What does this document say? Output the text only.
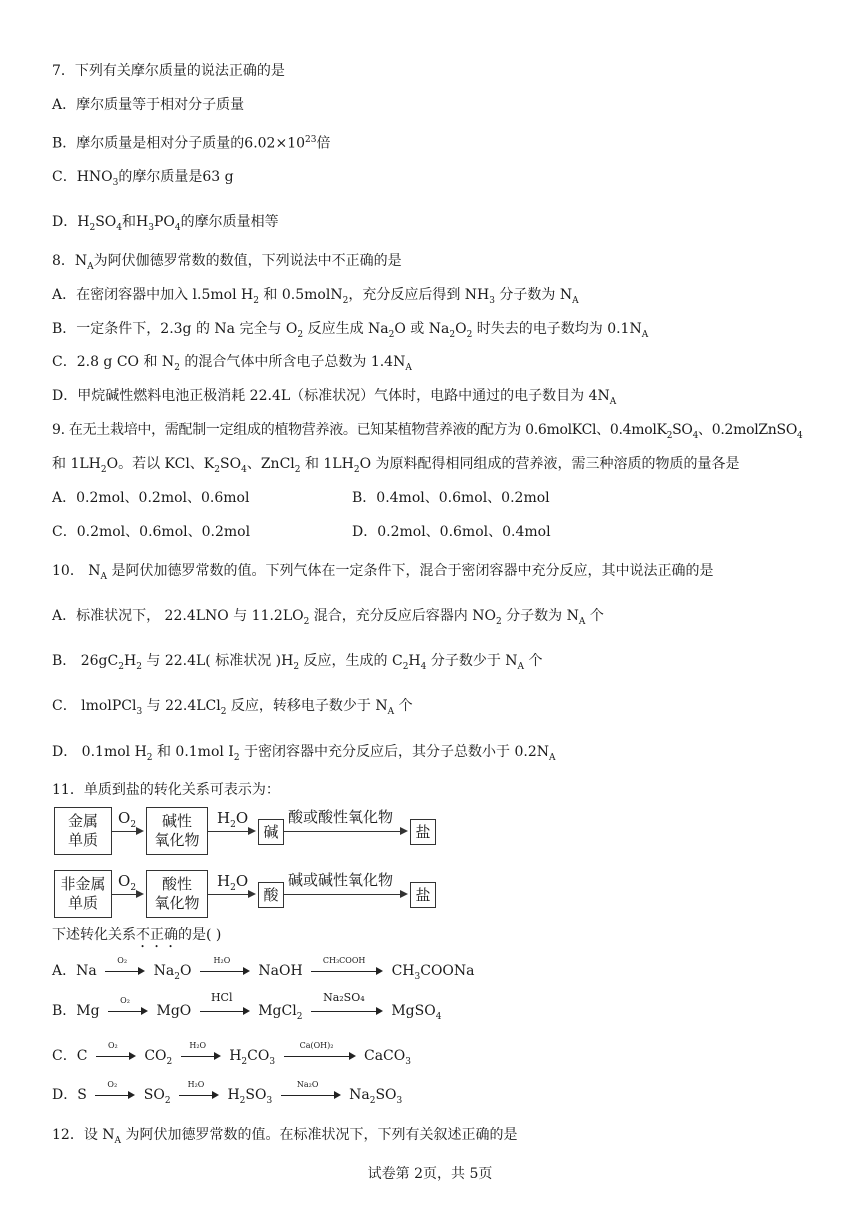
7．下列有关摩尔质量的说法正确的是
A．摩尔质量等于相对分子质量
B．摩尔质量是相对分子质量的$6.02\times 10^{23}$倍
C．$HNO_3$的摩尔质量是63 g
D．$H_2SO_4$和$H_3PO_4$的摩尔质量相等
8．$N_A$为阿伏伽德罗常数的数值，下列说法中不正确的是
A．在密闭容器中加入 l.5mol $H_2$ 和 0.5molN$_2$，充分反应后得到 $NH_3$ 分子数为 $N_A$
B．一定条件下，2.3g 的 Na 完全与 $O_2$ 反应生成 $Na_2O$ 或 $Na_2O_2$ 时失去的电子数均为 $0.1N_A$
C．2.8 g CO 和 $N_2$ 的混合气体中所含电子总数为 $1.4N_A$
D．甲烷碱性燃料电池正极消耗 22.4L（标准状况）气体时，电路中通过的电子数目为 $4N_A$
9. 在无土栽培中，需配制一定组成的植物营养液。已知某植物营养液的配方为 0.6molKCl、$0.4molK_2SO_4$、0.2molZnSO$_4$
和 $1LH_2O$。若以 KCl、$K_2SO_4$、ZnCl$_2$ 和 $1LH_2O$ 为原料配得相同组成的营养液，需三种溶质的物质的量各是
A．0.2mol、0.2mol、0.6mol	B．0.4mol、0.6mol、0.2mol
C．0.2mol、0.6mol、0.2mol	D．0.2mol、0.6mol、0.4mol
10． $N_A$ 是阿伏加德罗常数的值。下列气体在一定条件下，混合于密闭容器中充分反应，其中说法正确的是
A．标准状况下， 22.4LNO 与 $11.2LO_2$ 混合，充分反应后容器内 $NO_2$ 分子数为 $N_A$ 个
B． $26gC_2H_2$ 与 22.4L( 标准状况 )$H_2$ 反应，生成的 $C_2H_4$ 分子数少于 $N_A$ 个
C． lmolPCl$_3$ 与 22.4LCl$_2$ 反应，转移电子数少于 $N_A$ 个
D． 0.1mol $H_2$ 和 0.1mol $I_2$ 于密闭容器中充分反应后，其分子总数小于 $0.2N_A$
11．单质到盐的转化关系可表示为：
金属
单质
$O_2$	碱性
氧化物
$H_2O$
碱
酸或酸性氧化物
盐
非金属
单质
$O_2$	酸性
氧化物
$H_2O$
酸
碱或碱性氧化物
盐
下述转化关系不正确的是( )
A．Na
O₂
$Na_2O$
H₂O
NaOH
CH₃COOH
$CH_3COONa$
B．Mg
O₂
MgO
HCl
MgCl$_2$
Na₂SO₄
MgSO$_4$
C．C
O₂
$CO_2$
H₂O
$H_2CO_3$
Ca(OH)₂
CaCO$_3$
D．S
O₂
$SO_2$
H₂O
$H_2SO_3$
Na₂O
$Na_2SO_3$
12．设 $N_A$ 为阿伏加德罗常数的值。在标准状况下，下列有关叙述正确的是
试卷第 2页，共 5页
